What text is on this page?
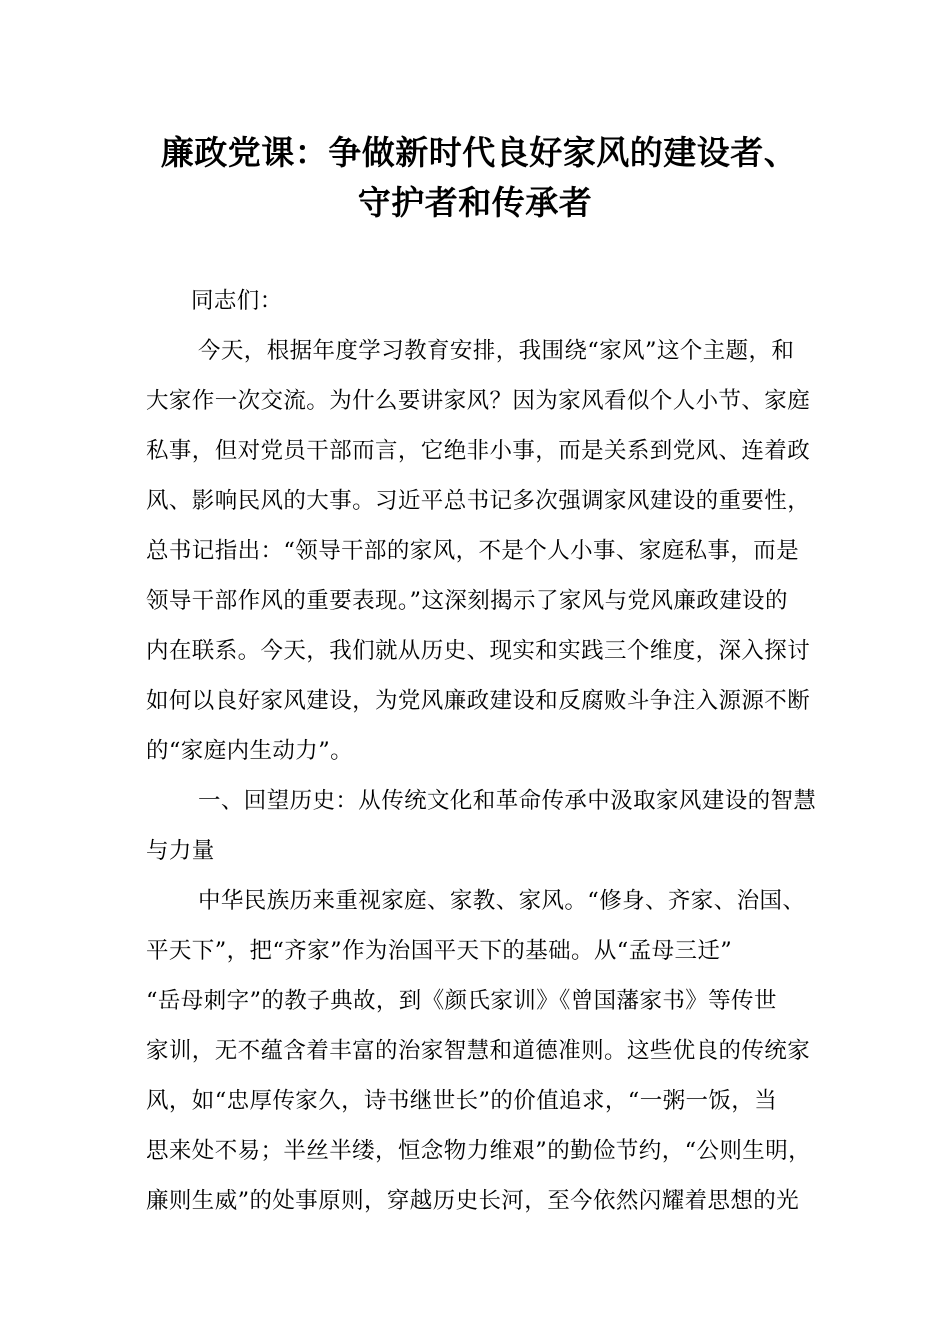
廉政党课：争做新时代良好家风的建设者、
守护者和传承者
同志们：
今天，根据年度学习教育安排，我围绕“家风”这个主题，和
大家作一次交流。为什么要讲家风？因为家风看似个人小节、家庭
私事，但对党员干部而言，它绝非小事，而是关系到党风、连着政
风、影响民风的大事。习近平总书记多次强调家风建设的重要性，
总书记指出：“领导干部的家风，不是个人小事、家庭私事，而是
领导干部作风的重要表现。”这深刻揭示了家风与党风廉政建设的
内在联系。今天，我们就从历史、现实和实践三个维度，深入探讨
如何以良好家风建设，为党风廉政建设和反腐败斗争注入源源不断
的“家庭内生动力”。
一、回望历史：从传统文化和革命传承中汲取家风建设的智慧
与力量
中华民族历来重视家庭、家教、家风。“修身、齐家、治国、
平天下”，把“齐家”作为治国平天下的基础。从“孟母三迁”
“岳母刺字”的教子典故，到《颜氏家训》《曾国藩家书》等传世
家训，无不蕴含着丰富的治家智慧和道德准则。这些优良的传统家
风，如“忠厚传家久，诗书继世长”的价值追求，“一粥一饭，当
思来处不易；半丝半缕，恒念物力维艰”的勤俭节约，“公则生明，
廉则生威”的处事原则，穿越历史长河，至今依然闪耀着思想的光
